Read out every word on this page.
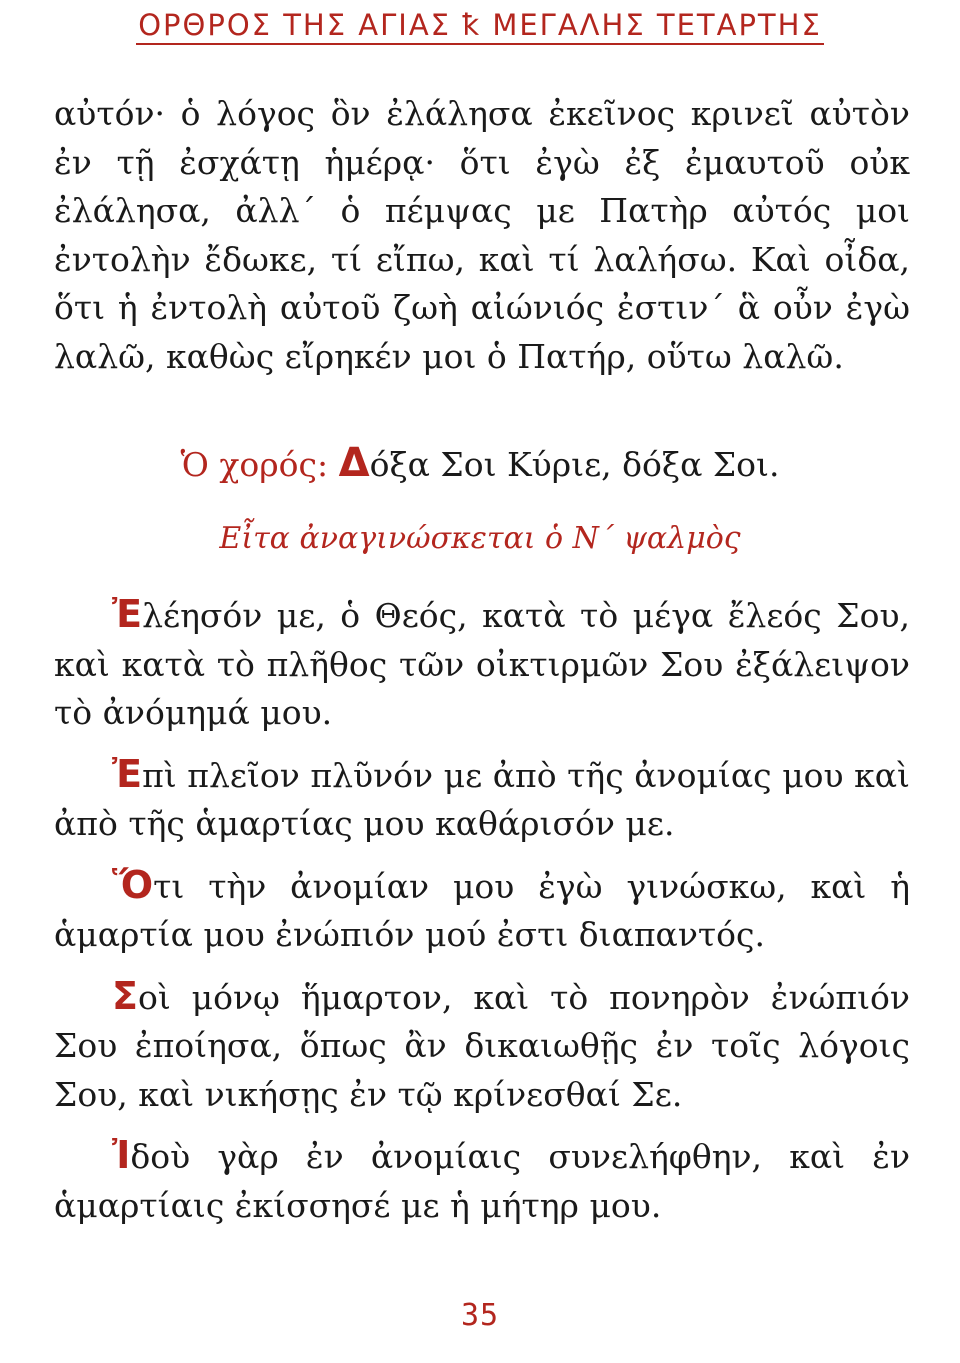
ΟΡΘΡΟΣ ΤΗΣ ΑΓΙΑΣ ꝁ ΜΕΓΑΛΗΣ ΤΕΤΑΡΤΗΣ

αὐτόν· ὁ λόγος ὃν ἐλάλησα ἐκεῖνος κρινεῖ αὐτὸν ἐν τῇ ἐσχάτῃ ἡμέρᾳ· ὅτι ἐγὼ ἐξ ἐμαυτοῦ οὐκ ἐλάλησα, ἀλλ΄ ὁ πέμψας με Πατὴρ αὐτός μοι ἐντολὴν ἔδωκε, τί εἴπω, καὶ τί λαλήσω. Καὶ οἶδα, ὅτι ἡ ἐντολὴ αὐτοῦ ζωὴ αἰώνιός ἐστιν΄ ἃ οὖν ἐγὼ λαλῶ, καθὼς εἴρηκέν μοι ὁ Πατήρ, οὕτω λαλῶ.

Ὁ χορός: Δόξα Σοι Κύριε, δόξα Σοι.
Εἶτα ἀναγινώσκεται ὁ Ν΄ ψαλμὸς

Ἐλέησόν με, ὁ Θεός, κατὰ τὸ μέγα ἔλεός Σου, καὶ κατὰ τὸ πλῆθος τῶν οἰκτιρμῶν Σου ἐξάλειψον τὸ ἀνόμημά μου.

Ἐπὶ πλεῖον πλῦνόν με ἀπὸ τῆς ἀνομίας μου καὶ ἀπὸ τῆς ἁμαρτίας μου καθάρισόν με.

Ὅτι τὴν ἀνομίαν μου ἐγὼ γινώσκω, καὶ ἡ ἁμαρτία μου ἐνώπιόν μού ἐστι διαπαντός.

Σοὶ μόνῳ ἥμαρτον, καὶ τὸ πονηρὸν ἐνώπιόν Σου ἐποίησα, ὅπως ἂν δικαιωθῇς ἐν τοῖς λόγοις Σου, καὶ νικήσῃς ἐν τῷ κρίνεσθαί Σε.

Ἰδοὺ γὰρ ἐν ἀνομίαις συνελήφθην, καὶ ἐν ἁμαρτίαις ἐκίσσησέ με ἡ μήτηρ μου.

35
